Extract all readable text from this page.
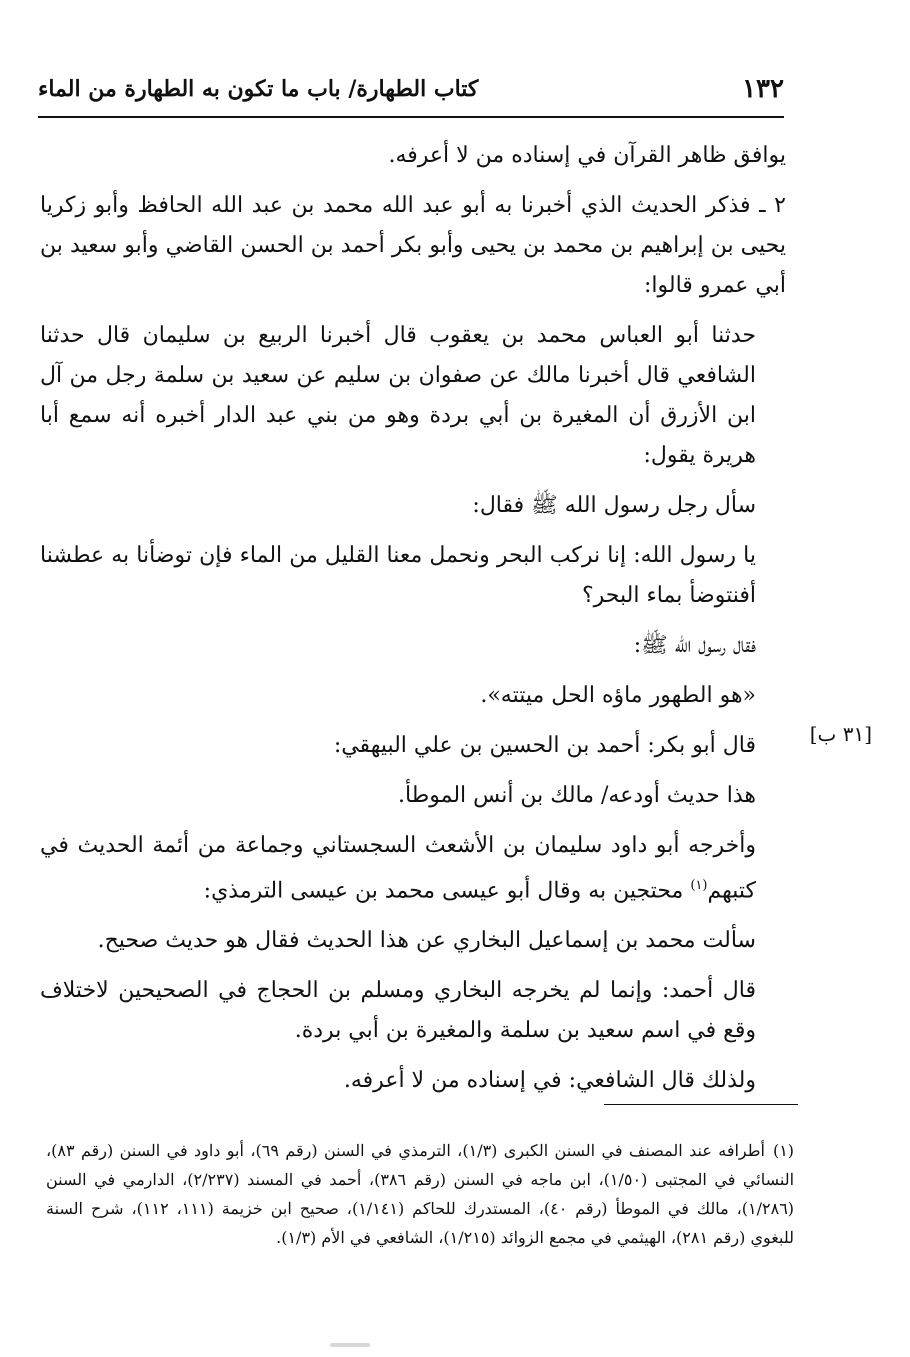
١٣٢
كتاب الطهارة/ باب ما تكون به الطهارة من الماء
[٣١ ب]

يوافق ظاهر القرآن في إسناده من لا أعرفه.

٢ ـ فذكر الحديث الذي أخبرنا به أبو عبد الله محمد بن عبد الله الحافظ وأبو زكريا يحيى بن إبراهيم بن محمد بن يحيى وأبو بكر أحمد بن الحسن القاضي وأبو سعيد بن أبي عمرو قالوا:

حدثنا أبو العباس محمد بن يعقوب قال أخبرنا الربيع بن سليمان قال حدثنا الشافعي قال أخبرنا مالك عن صفوان بن سليم عن سعيد بن سلمة رجل من آل ابن الأزرق أن المغيرة بن أبي بردة وهو من بني عبد الدار أخبره أنه سمع أبا هريرة يقول:

سأل رجل رسول الله ﷺ فقال:

يا رسول الله: إنا نركب البحر ونحمل معنا القليل من الماء فإن توضأنا به عطشنا أفنتوضأ بماء البحر؟

فقال رسول الله ﷺ:

«هو الطهور ماؤه الحل ميتته».

قال أبو بكر: أحمد بن الحسين بن علي البيهقي:

هذا حديث أودعه/ مالك بن أنس الموطأ.

وأخرجه أبو داود سليمان بن الأشعث السجستاني وجماعة من أئمة الحديث في كتبهم$^{(١)}$ محتجين به وقال أبو عيسى محمد بن عيسى الترمذي:

سألت محمد بن إسماعيل البخاري عن هذا الحديث فقال هو حديث صحيح.

قال أحمد: وإنما لم يخرجه البخاري ومسلم بن الحجاج في الصحيحين لاختلاف وقع في اسم سعيد بن سلمة والمغيرة بن أبي بردة.

ولذلك قال الشافعي: في إسناده من لا أعرفه.

(١)أطرافه عند المصنف في السنن الكبرى (١/٣)، الترمذي في السنن (رقم ٦٩)، أبو داود في السنن (رقم ٨٣)، النسائي في المجتبى (١/٥٠)، ابن ماجه في السنن (رقم ٣٨٦)، أحمد في المسند (٢/٢٣٧)، الدارمي في السنن (١/٢٨٦)، مالك في الموطأ (رقم ٤٠)، المستدرك للحاكم (١/١٤١)، صحيح ابن خزيمة (١١١، ١١٢)، شرح السنة للبغوي (رقم ٢٨١)، الهيثمي في مجمع الزوائد (١/٢١٥)، الشافعي في الأم (١/٣).
